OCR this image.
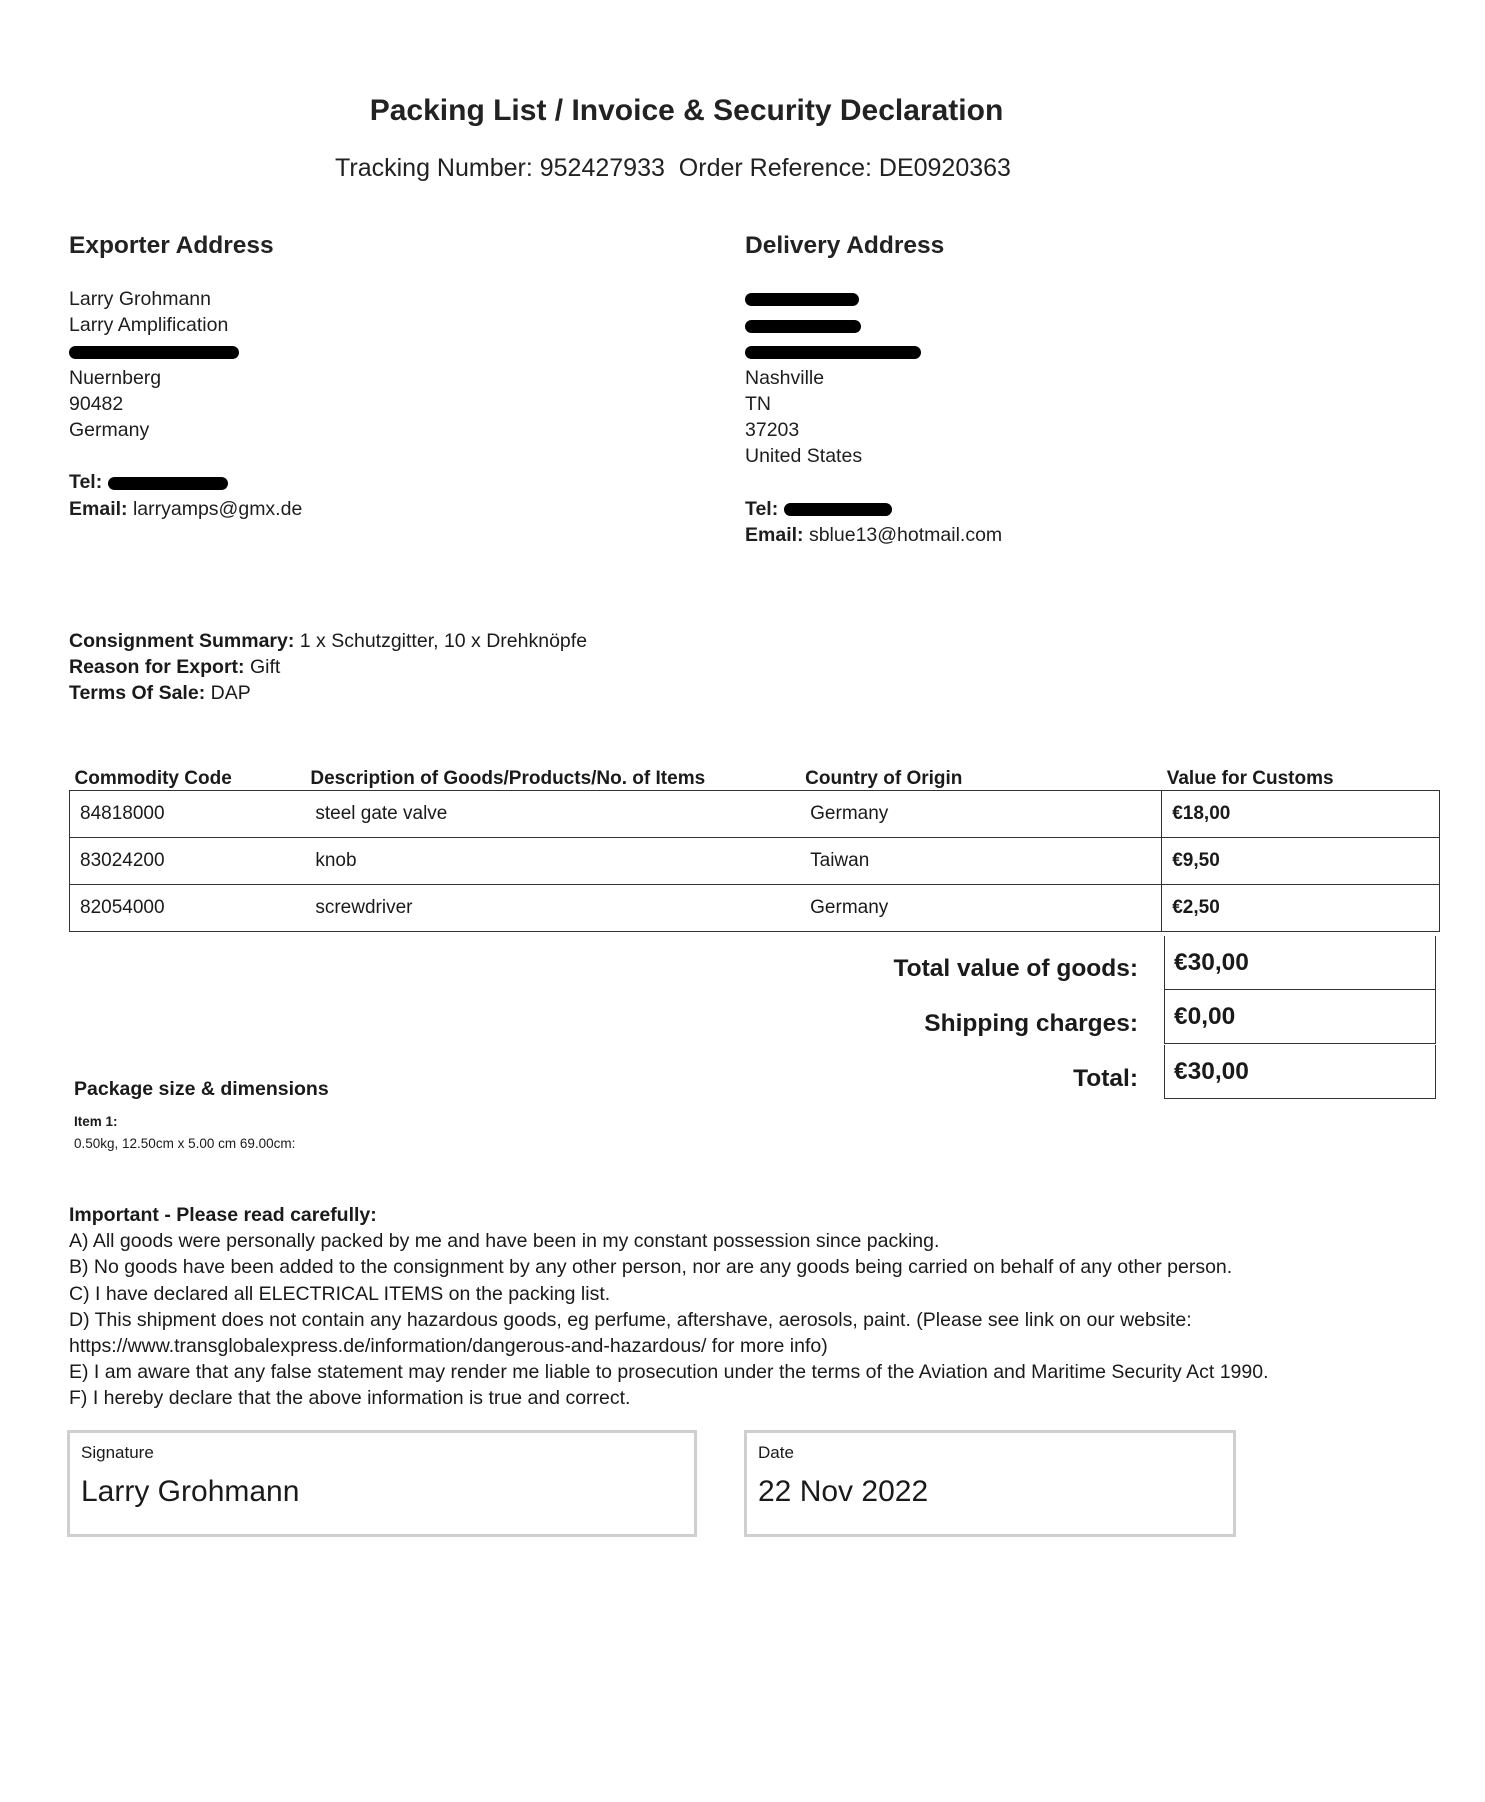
Packing List / Invoice & Security Declaration
Tracking Number: 952427933 Order Reference: DE0920363
Exporter Address
Larry Grohmann
Larry Amplification
Nuernberg
90482
Germany
Tel:
Email: larryamps@gmx.de
Delivery Address
Nashville
TN
37203
United States
Tel:
Email: sblue13@hotmail.com
Consignment Summary: 1 x Schutzgitter, 10 x Drehknöpfe
Reason for Export: Gift
Terms Of Sale: DAP
Commodity Code	Description of Goods/Products/No. of Items	Country of Origin	Value for Customs
84818000	steel gate valve	Germany	€18,00
83024200	knob	Taiwan	€9,50
82054000	screwdriver	Germany	€2,50
Total value of goods:	€30,00
Shipping charges:	€0,00
Total:	€30,00
Package size & dimensions
Item 1:
0.50kg, 12.50cm x 5.00 cm 69.00cm:
Important - Please read carefully:
A) All goods were personally packed by me and have been in my constant possession since packing.
B) No goods have been added to the consignment by any other person, nor are any goods being carried on behalf of any other person.
C) I have declared all ELECTRICAL ITEMS on the packing list.
D) This shipment does not contain any hazardous goods, eg perfume, aftershave, aerosols, paint. (Please see link on our website:
https://www.transglobalexpress.de/information/dangerous-and-hazardous/ for more info)
E) I am aware that any false statement may render me liable to prosecution under the terms of the Aviation and Maritime Security Act 1990.
F) I hereby declare that the above information is true and correct.
Signature
Larry Grohmann
Date
22 Nov 2022
